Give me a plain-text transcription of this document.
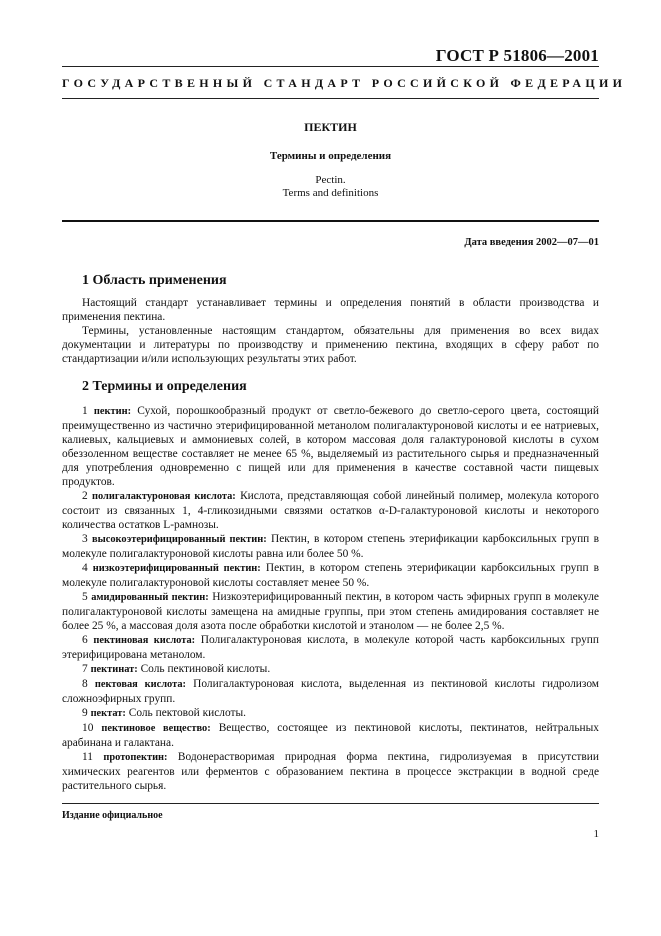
ГОСТ Р 51806—2001
ГОСУДАРСТВЕННЫЙ СТАНДАРТ РОССИЙСКОЙ ФЕДЕРАЦИИ
ПЕКТИН
Термины и определения
Pectin.
Terms and definitions
Дата введения 2002—07—01
1 Область применения

Настоящий стандарт устанавливает термины и определения понятий в области производства и применения пектина.

Термины, установленные настоящим стандартом, обязательны для применения во всех видах документации и литературы по производству и применению пектина, входящих в сферу работ по стандартизации и/или использующих результаты этих работ.

2 Термины и определения

1 пектин: Сухой, порошкообразный продукт от светло-бежевого до светло-серого цвета, состоящий преимущественно из частично этерифицированной метанолом полигалактуроновой кислоты и ее натриевых, калиевых, кальциевых и аммониевых солей, в котором массовая доля галактуроновой кислоты в сухом обеззоленном веществе составляет не менее 65 %, выделяемый из растительного сырья и предназначенный для употребления одновременно с пищей или для применения в качестве составной части пищевых продуктов.

2 полигалактуроновая кислота: Кислота, представляющая собой линейный полимер, молекула которого состоит из связанных 1, 4-гликозидными связями остатков α-D-галактуроновой кислоты и некоторого количества остатков L-рамнозы.

3 высокоэтерифицированный пектин: Пектин, в котором степень этерификации карбоксильных групп в молекуле полигалактуроновой кислоты равна или более 50 %.

4 низкоэтерифицированный пектин: Пектин, в котором степень этерификации карбоксильных групп в молекуле полигалактуроновой кислоты составляет менее 50 %.

5 амидированный пектин: Низкоэтерифицированный пектин, в котором часть эфирных групп в молекуле полигалактуроновой кислоты замещена на амидные группы, при этом степень амидирования составляет не более 25 %, а массовая доля азота после обработки кислотой и этанолом — не более 2,5 %.

6 пектиновая кислота: Полигалактуроновая кислота, в молекуле которой часть карбоксильных групп этерифицирована метанолом.

7 пектинат: Соль пектиновой кислоты.

8 пектовая кислота: Полигалактуроновая кислота, выделенная из пектиновой кислоты гидролизом сложноэфирных групп.

9 пектат: Соль пектовой кислоты.

10 пектиновое вещество: Вещество, состоящее из пектиновой кислоты, пектинатов, нейтральных арабинана и галактана.

11 протопектин: Водонерастворимая природная форма пектина, гидролизуемая в присутствии химических реагентов или ферментов с образованием пектина в процессе экстракции в водной среде растительного сырья.

Издание официальное
1
